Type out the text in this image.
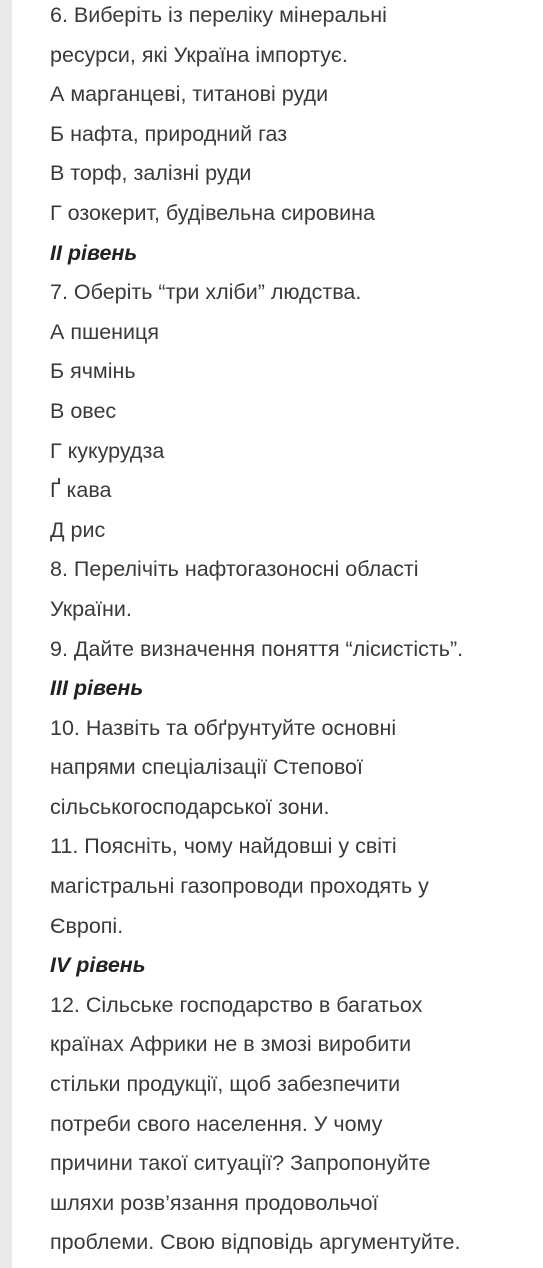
6. Виберіть із переліку мінеральні
ресурси, які Україна імпортує.
А марганцеві, титанові руди
Б нафта, природний газ
В торф, залізні руди
Г озокерит, будівельна сировина
II рівень
7. Оберіть “три хліби” людства.
А пшениця
Б ячмінь
В овес
Г кукурудза
Ґ кава
Д рис
8. Перелічіть нафтогазоносні області
України.
9. Дайте визначення поняття “лісистість”.
III рівень
10. Назвіть та обґрунтуйте основні
напрями спеціалізації Степової
сільськогосподарської зони.
11. Поясніть, чому найдовші у світі
магістральні газопроводи проходять у
Європі.
IV рівень
12. Сільське господарство в багатьох
країнах Африки не в змозі виробити
стільки продукції, щоб забезпечити
потреби свого населення. У чому
причини такої ситуації? Запропонуйте
шляхи розв’язання продовольчої
проблеми. Свою відповідь аргументуйте.
